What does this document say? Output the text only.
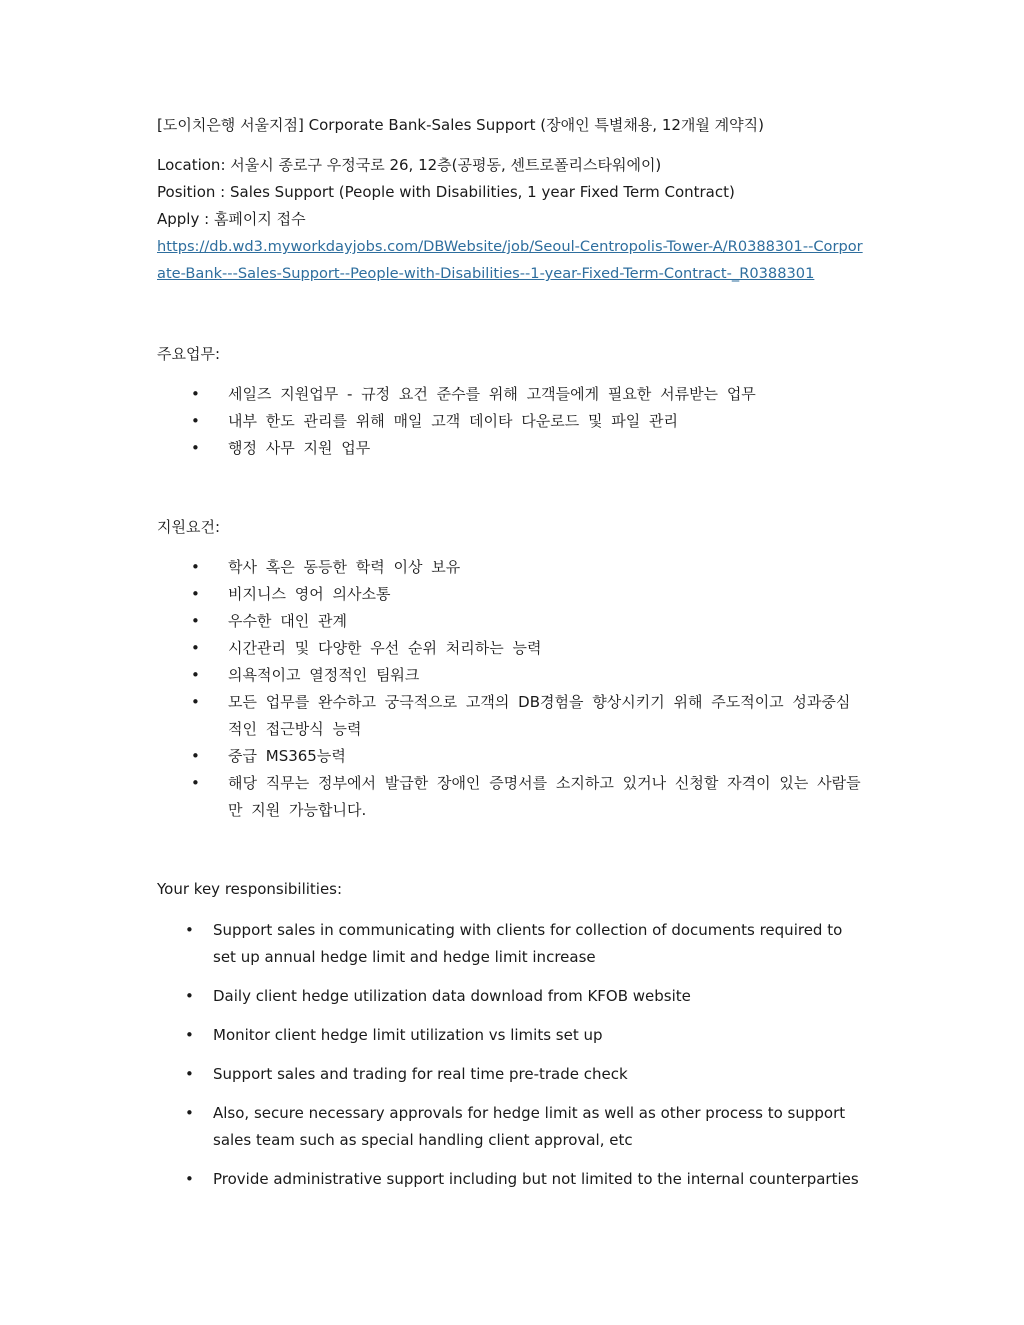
[도이치은행 서울지점] Corporate Bank-Sales Support (장애인 특별채용, 12개월 계약직)

Location: 서울시 종로구 우정국로 26, 12층(공평동, 센트로폴리스타워에이)

Position : Sales Support (People with Disabilities, 1 year Fixed Term Contract)

Apply : 홈페이지 접수

https://db.wd3.myworkdayjobs.com/DBWebsite/job/Seoul-Centropolis-Tower-A/R0388301--Corporate-Bank---Sales-Support--People-with-Disabilities--1-year-Fixed-Term-Contract-_R0388301

주요업무:

• 세일즈 지원업무 - 규정 요건 준수를 위해 고객들에게 필요한 서류받는 업무
• 내부 한도 관리를 위해 매일 고객 데이타 다운로드 및 파일 관리
• 행정 사무 지원 업무

지원요건:

• 학사 혹은 동등한 학력 이상 보유
• 비지니스 영어 의사소통
• 우수한 대인 관계
• 시간관리 및 다양한 우선 순위 처리하는 능력
• 의욕적이고 열정적인 팀워크
• 모든 업무를 완수하고 궁극적으로 고객의 DB경험을 향상시키기 위해 주도적이고 성과중심적인 접근방식 능력
• 중급 MS365능력
• 해당 직무는 정부에서 발급한 장애인 증명서를 소지하고 있거나 신청할 자격이 있는 사람들만 지원 가능합니다.

Your key responsibilities:

• Support sales in communicating with clients for collection of documents required to set up annual hedge limit and hedge limit increase
• Daily client hedge utilization data download from KFOB website
• Monitor client hedge limit utilization vs limits set up
• Support sales and trading for real time pre-trade check
• Also, secure necessary approvals for hedge limit as well as other process to support sales team such as special handling client approval, etc
• Provide administrative support including but not limited to the internal counterparties
